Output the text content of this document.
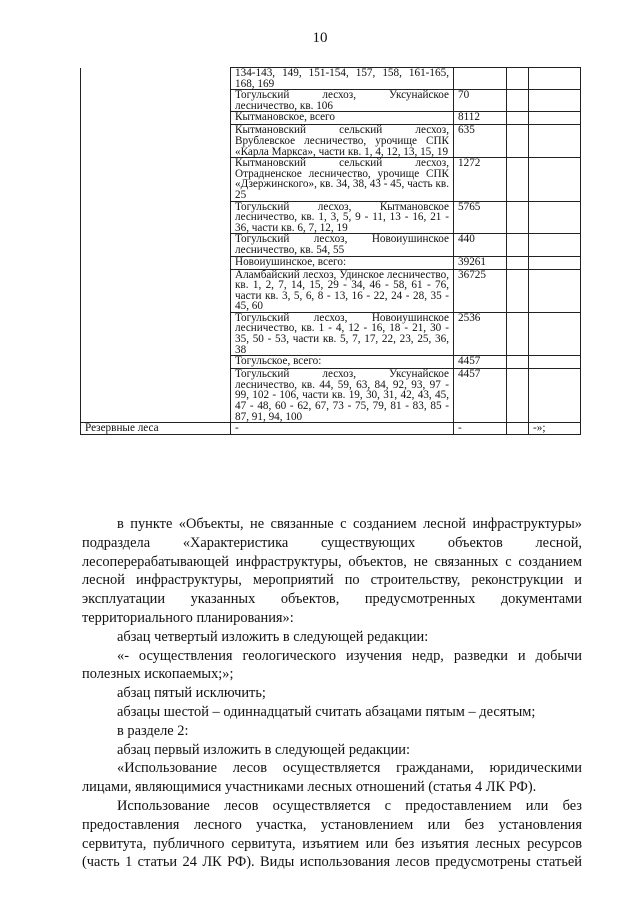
10
	134-143, 149, 151-154, 157, 158, 161-165, 168, 169			
	Тогульский лесхоз, Уксунайское лесничество, кв. 106	70		
	Кытмановское, всего	8112		
	Кытмановский сельский лесхоз, Врублевское лесничество, урочище СПК «Карла Маркса», части кв. 1, 4, 12, 13, 15, 19	635		
	Кытмановский сельский лесхоз, Отрадненское лесничество, урочище СПК «Дзержинского», кв. 34, 38, 43 - 45, часть кв. 25	1272		
	Тогульский лесхоз, Кытмановское лесничество, кв. 1, 3, 5, 9 - 11, 13 - 16, 21 - 36, части кв. 6, 7, 12, 19	5765		
	Тогульский лесхоз, Новоиушинское лесничество, кв. 54, 55	440		
	Новоиушинское, всего:	39261		
	Аламбайский лесхоз, Удинское лесничество, кв. 1, 2, 7, 14, 15, 29 - 34, 46 - 58, 61 - 76, части кв. 3, 5, 6, 8 - 13, 16 - 22, 24 - 28, 35 - 45, 60	36725		
	Тогульский лесхоз, Новоиушинское лесничество, кв. 1 - 4, 12 - 16, 18 - 21, 30 - 35, 50 - 53, части кв. 5, 7, 17, 22, 23, 25, 36, 38	2536		
	Тогульское, всего:	4457		
	Тогульский лесхоз, Уксунайское лесничество, кв. 44, 59, 63, 84, 92, 93, 97 - 99, 102 - 106, части кв. 19, 30, 31, 42, 43, 45, 47 - 48, 60 - 62, 67, 73 - 75, 79, 81 - 83, 85 - 87, 91, 94, 100	4457		
Резервные леса	-	-		-»;

в пункте «Объекты, не связанные с созданием лесной инфраструктуры» подраздела «Характеристика существующих объектов лесной, лесоперерабатывающей инфраструктуры, объектов, не связанных с созданием лесной инфраструктуры, мероприятий по строительству, реконструкции и эксплуатации указанных объектов, предусмотренных документами территориального планирования»:

абзац четвертый изложить в следующей редакции:

«- осуществления геологического изучения недр, разведки и добычи полезных ископаемых;»;

абзац пятый исключить;

абзацы шестой – одиннадцатый считать абзацами пятым – десятым;

в разделе 2:

абзац первый изложить в следующей редакции:

«Использование лесов осуществляется гражданами, юридическими лицами, являющимися участниками лесных отношений (статья 4 ЛК РФ).

Использование лесов осуществляется с предоставлением или без предоставления лесного участка, установлением или без установления сервитута, публичного сервитута, изъятием или без изъятия лесных ресурсов (часть 1 статьи 24 ЛК РФ). Виды использования лесов предусмотрены статьей
